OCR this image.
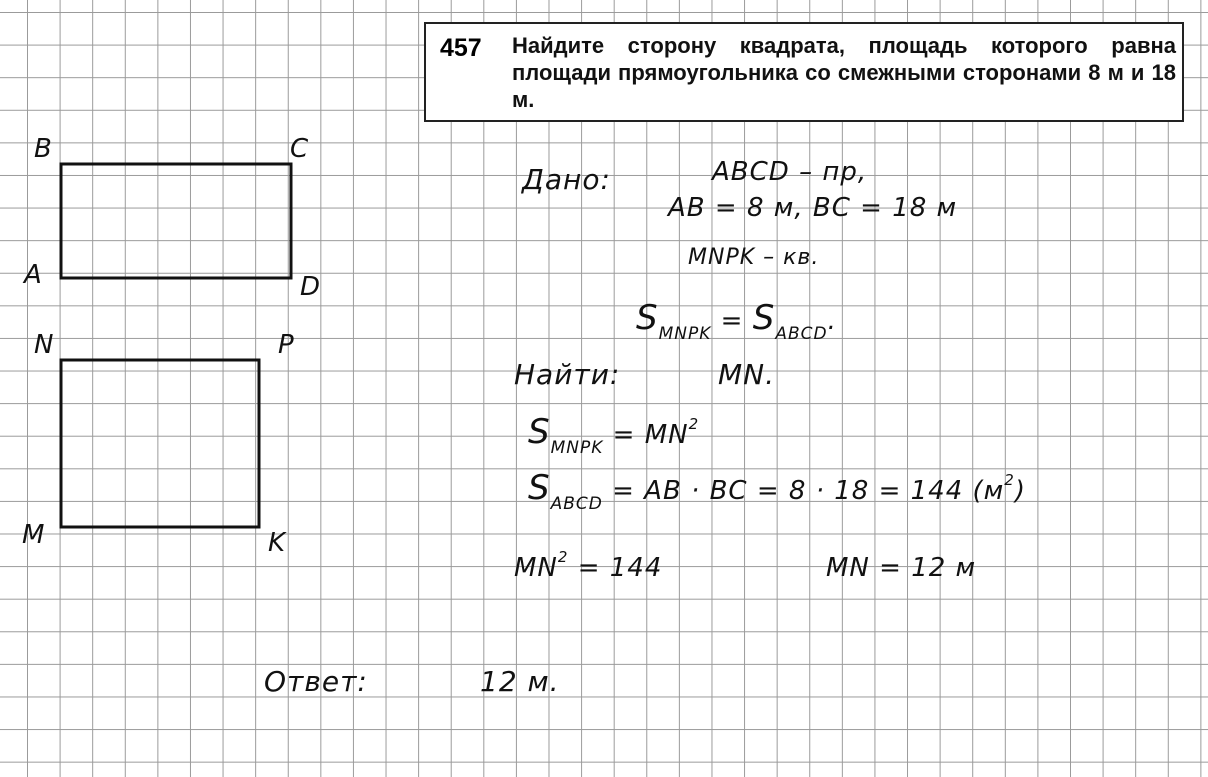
457 Найдите сторону квадрата, площадь которого равна площади прямоугольника со смежными сторонами 8 м и 18 м.
B	C
A	D
N	P
M	K
Дано:	ABCD – пр,
AB = 8 м, BC = 18 м
MNPK – кв.
$S_{MNPK} = S_{ABCD}$.
Найти:	MN.
$S_{MNPK} = MN^2$
$S_{ABCD}$ = AB · BC = 8 · 18 = 144 $(м^2)$
$MN^2 = 144$	MN = 12 м
Ответ:	12 м.
